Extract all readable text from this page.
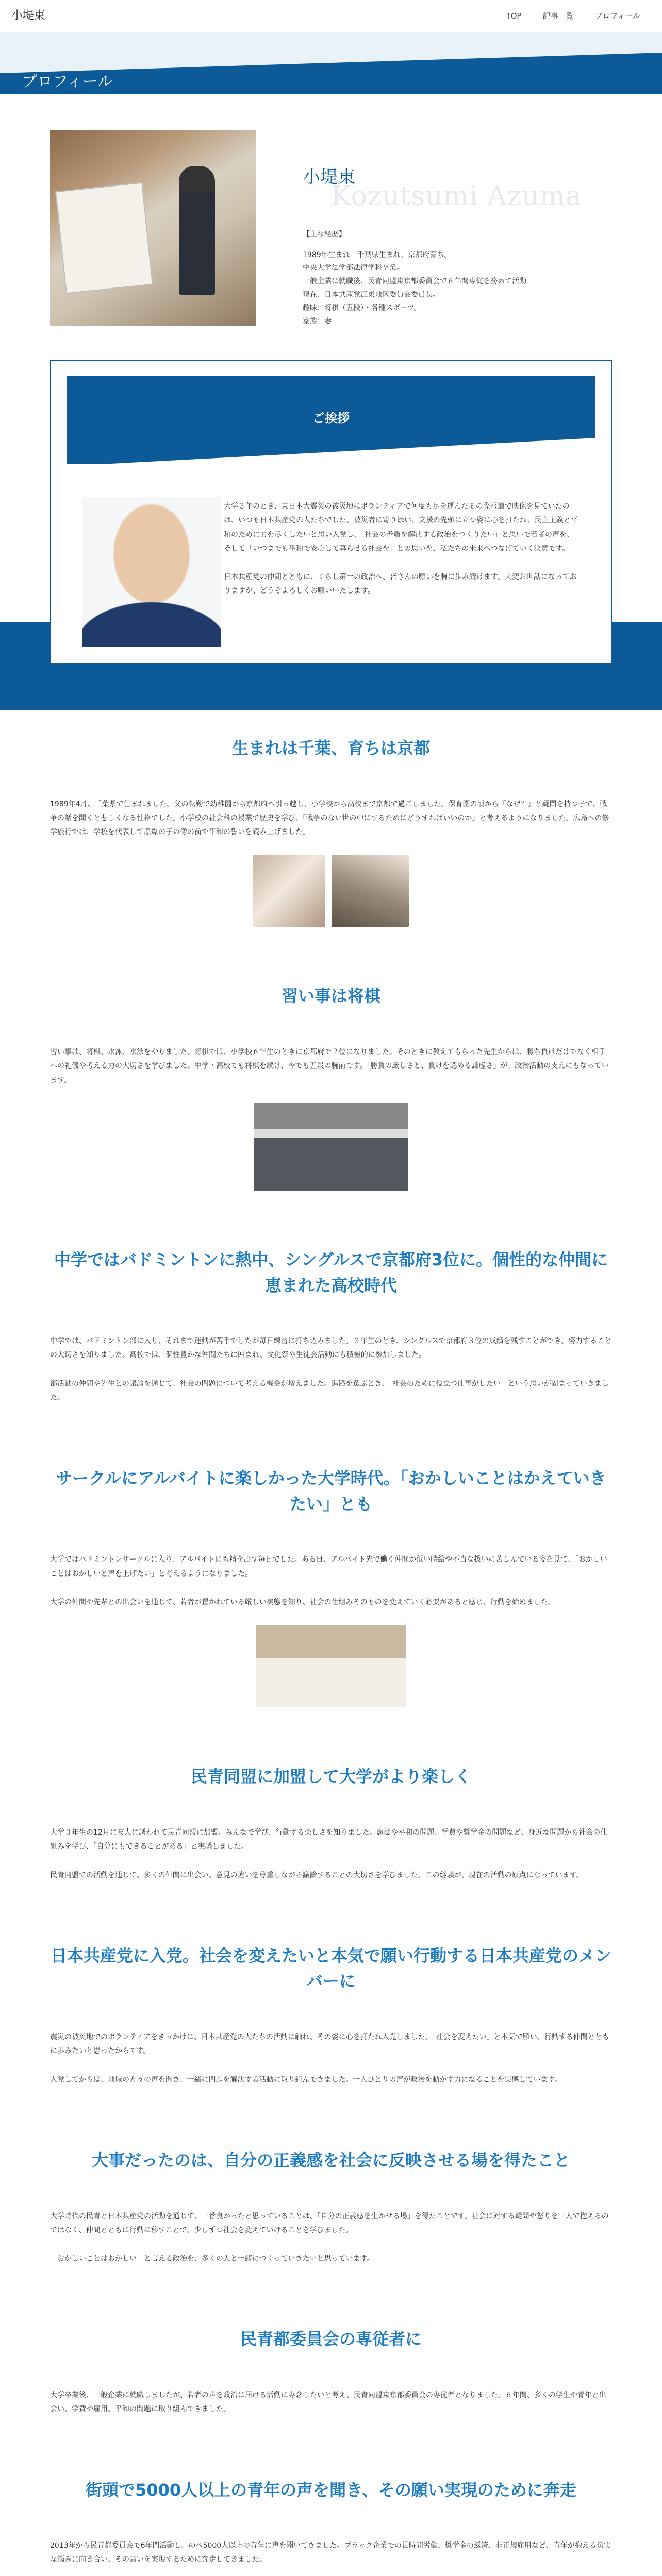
小堤東	TOP	記事一覧	プロフィール
プロフィール
小堤東
Kozutsumi Azuma
【主な経歴】
1989年生まれ　千葉県生まれ、京都府育ち。
中央大学法学部法律学科卒業。
一般企業に就職後、民青同盟東京都委員会で６年間専従を務めて活動
現在、日本共産党江東地区委員会委員長。
趣味：将棋（五段）・各種スポーツ。
家族：妻
ご挨拶

大学３年のとき、東日本大震災の被災地にボランティアで何度も足を運んだその際報道で映像を見ていたのは、いつも日本共産党の人たちでした。被災者に寄り添い、支援の先頭に立つ姿に心を打たれ、民主主義と平和のために力を尽くしたいと思い入党し、「社会の矛盾を解決する政治をつくりたい」と思いで若者の声を、そして「いつまでも平和で安心して暮らせる社会を」との思いを、私たちの未来へつなげていく決意です。

日本共産党の仲間とともに、くらし第一の政治へ、皆さんの願いを胸に歩み続けます。大変お世話になっておりますが、どうぞよろしくお願いいたします。

生まれは千葉、育ちは京都

1989年4月、千葉県で生まれました。父の転勤で幼稚園から京都府へ引っ越し、小学校から高校まで京都で過ごしました。保育園の頃から「なぜ？」と疑問を持つ子で、戦争の話を聞くと悲しくなる性格でした。小学校の社会科の授業で歴史を学び、「戦争のない世の中にするためにどうすればいいのか」と考えるようになりました。広島への修学旅行では、学校を代表して原爆の子の像の前で平和の誓いを読み上げました。

習い事は将棋

習い事は、将棋、水泳、水泳をやりました。将棋では、小学校６年生のときに京都府で２位になりました。そのときに教えてもらった先生からは、勝ち負けだけでなく相手への礼儀や考える力の大切さを学びました。中学・高校でも将棋を続け、今でも五段の腕前です。「勝負の厳しさと、負けを認める謙虚さ」が、政治活動の支えにもなっています。

中学ではバドミントンに熱中、シングルスで京都府3位に。個性的な仲間に恵まれた高校時代

中学では、バドミントン部に入り、それまで運動が苦手でしたが毎日練習に打ち込みました。３年生のとき、シングルスで京都府３位の成績を残すことができ、努力することの大切さを知りました。高校では、個性豊かな仲間たちに囲まれ、文化祭や生徒会活動にも積極的に参加しました。

部活動の仲間や先生との議論を通じて、社会の問題について考える機会が増えました。進路を選ぶとき、「社会のために役立つ仕事がしたい」という思いが固まっていきました。

サークルにアルバイトに楽しかった大学時代。「おかしいことはかえていきたい」とも

大学ではバドミントンサークルに入り、アルバイトにも精を出す毎日でした。ある日、アルバイト先で働く仲間が低い時給や不当な扱いに苦しんでいる姿を見て、「おかしいことはおかしいと声を上げたい」と考えるようになりました。

大学の仲間や先輩との出会いを通じて、若者が置かれている厳しい実態を知り、社会の仕組みそのものを変えていく必要があると感じ、行動を始めました。

民青同盟に加盟して大学がより楽しく

大学３年生の12月に友人に誘われて民青同盟に加盟。みんなで学び、行動する楽しさを知りました。憲法や平和の問題、学費や奨学金の問題など、身近な問題から社会の仕組みを学び、「自分にもできることがある」と実感しました。

民青同盟での活動を通じて、多くの仲間に出会い、意見の違いを尊重しながら議論することの大切さを学びました。この経験が、現在の活動の原点になっています。

日本共産党に入党。社会を変えたいと本気で願い行動する日本共産党のメンバーに

震災の被災地でのボランティアをきっかけに、日本共産党の人たちの活動に触れ、その姿に心を打たれ入党しました。「社会を変えたい」と本気で願い、行動する仲間とともに歩みたいと思ったからです。

入党してからは、地域の方々の声を聞き、一緒に問題を解決する活動に取り組んできました。一人ひとりの声が政治を動かす力になることを実感しています。

大事だったのは、自分の正義感を社会に反映させる場を得たこと

大学時代の民青と日本共産党の活動を通じて、一番良かったと思っていることは、「自分の正義感を生かせる場」を得たことです。社会に対する疑問や怒りを一人で抱えるのではなく、仲間とともに行動に移すことで、少しずつ社会を変えていけることを学びました。

「おかしいことはおかしい」と言える政治を、多くの人と一緒につくっていきたいと思っています。

民青都委員会の専従者に

大学卒業後、一般企業に就職しましたが、若者の声を政治に届ける活動に専念したいと考え、民青同盟東京都委員会の専従者となりました。６年間、多くの学生や青年と出会い、学費や雇用、平和の問題に取り組んできました。

街頭で5000人以上の青年の声を聞き、その願い実現のために奔走

2013年から民青都委員会で6年間活動し、のべ5000人以上の青年に声を聞いてきました。ブラック企業での長時間労働、奨学金の返済、非正規雇用など、青年が抱える切実な悩みに向き合い、その願いを実現するために奔走してきました。
